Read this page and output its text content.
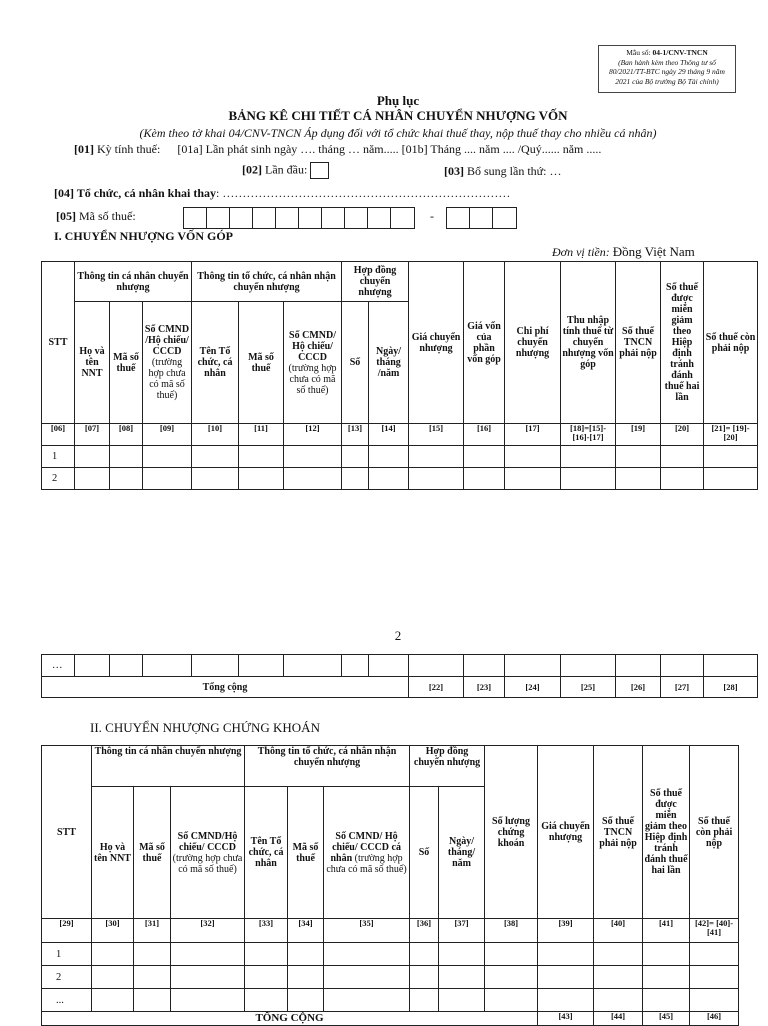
Mẫu số: 04-1/CNV-TNCN
(Ban hành kèm theo Thông tư số
80/2021/TT-BTC ngày 29 tháng 9 năm
2021 của Bộ trưởng Bộ Tài chính)
Phụ lục
BẢNG KÊ CHI TIẾT CÁ NHÂN CHUYỂN NHƯỢNG VỐN
(Kèm theo tờ khai 04/CNV-TNCN Áp dụng đối với tổ chức khai thuế thay, nộp thuế thay cho nhiều cá nhân)
[01] Kỳ tính thuế: [01a] Lần phát sinh ngày …. tháng … năm..... [01b] Tháng .... năm .... /Quý...... năm .....
[02] Lần đầu:	[03] Bổ sung lần thứ: …
[04] Tổ chức, cá nhân khai thay: ………………………………………………………………
[05] Mã số thuế:	-
I. CHUYỂN NHƯỢNG VỐN GÓP
Đơn vị tiền: Đồng Việt Nam
STT	Thông tin cá nhân chuyển nhượng			Thông tin tổ chức, cá nhân nhận chuyển nhượng			Hợp đồng chuyển nhượng		Giá chuyển nhượng	Giá vốn của phần vốn góp	Chi phí chuyển nhượng	Thu nhập tính thuế từ chuyển nhượng vốn góp	Số thuế TNCN phải nộp	Số thuế được miễn giảm theo Hiệp định tránh đánh thuế hai lần	Số thuế còn phải nộp
	Họ và tên NNT	Mã số thuế	Số CMND /Hộ chiếu/ CCCD (trường hợp chưa có mã số thuế)	Tên Tổ chức, cá nhân	Mã số thuế	Số CMND/ Hộ chiếu/ CCCD (trường hợp chưa có mã số thuế)	Số	Ngày/ tháng /năm							
[06]	[07]	[08]	[09]	[10]	[11]	[12]	[13]	[14]	[15]	[16]	[17]	[18]=[15]-[16]-[17]	[19]	[20]	[21]= [19]-[20]
1															
2															
2
…															
Tổng cộng									[22]	[23]	[24]	[25]	[26]	[27]	[28]
II. CHUYỂN NHƯỢNG CHỨNG KHOÁN
STT	Thông tin cá nhân chuyển nhượng			Thông tin tổ chức, cá nhân nhận chuyển nhượng			Hợp đồng chuyển nhượng		Số lượng chứng khoán	Giá chuyển nhượng	Số thuế TNCN phải nộp	Số thuế được miễn giảm theo Hiệp định tránh đánh thuế hai lần	Số thuế còn phải nộp
	Họ và tên NNT	Mã số thuế	Số CMND/Hộ chiếu/ CCCD (trường hợp chưa có mã số thuế)	Tên Tổ chức, cá nhân	Mã số thuế	Số CMND/ Hộ chiếu/ CCCD cá nhân (trường hợp chưa có mã số thuế)	Số	Ngày/ tháng/ năm					
[29]	[30]	[31]	[32]	[33]	[34]	[35]	[36]	[37]	[38]	[39]	[40]	[41]	[42]= [40]-[41]
1													
2													
...													
TỔNG CỘNG										[43]	[44]	[45]	[46]
